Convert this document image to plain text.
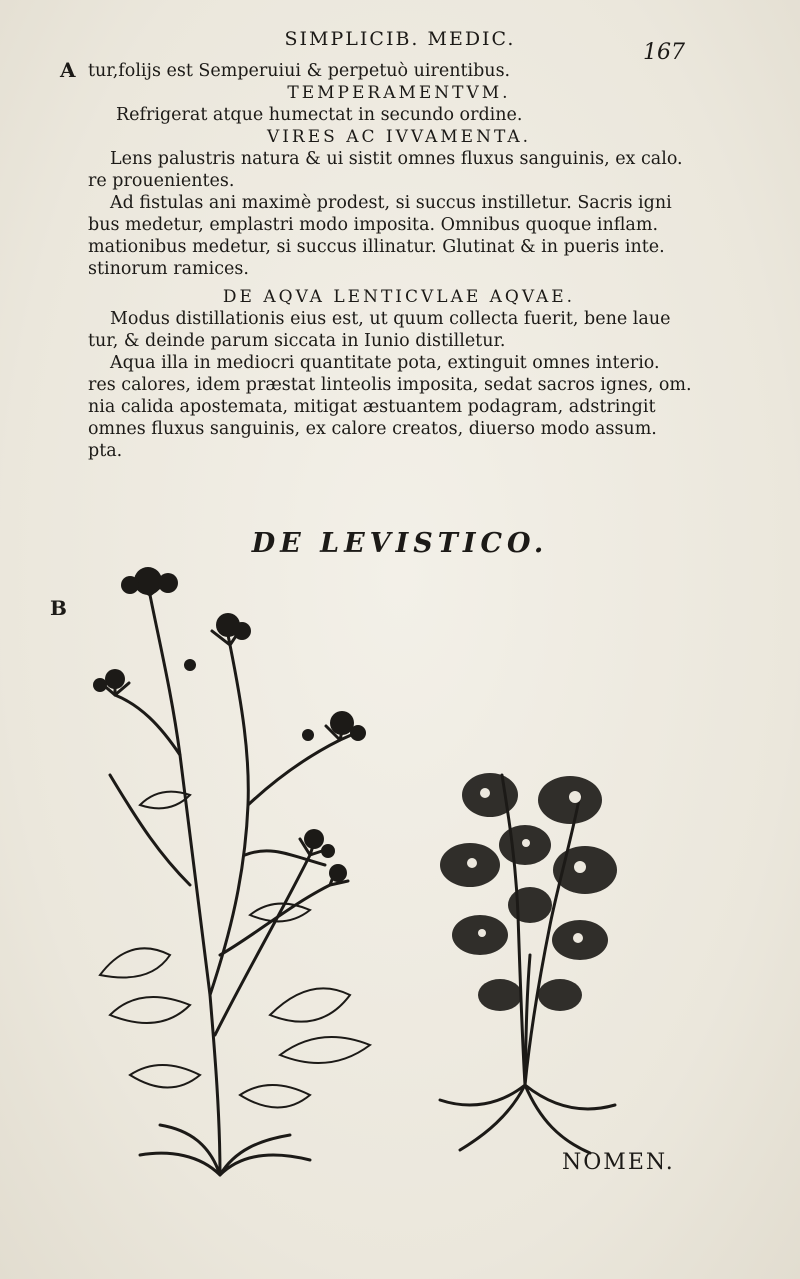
SIMPLICIB. MEDIC.
167
A
B

tur,folijs est Semperuiui & perpetuò uirentibus.

TEMPERAMENTVM.

Refrigerat atque humectat in secundo ordine.

VIRES AC IVVAMENTA.

Lens palustris natura & ui sistit omnes fluxus sanguinis, ex calo.

re prouenientes.

Ad fistulas ani maximè prodest, si succus instilletur. Sacris igni

bus medetur, emplastri modo imposita. Omnibus quoque inflam.

mationibus medetur, si succus illinatur. Glutinat & in pueris inte.

stinorum ramices.

DE AQVA LENTICVLAE AQVAE.

Modus distillationis eius est, ut quum collecta fuerit, bene laue

tur, & deinde parum siccata in Iunio distilletur.

Aqua illa in mediocri quantitate pota, extinguit omnes interio.

res calores, idem præstat linteolis imposita, sedat sacros ignes, om.

nia calida apostemata, mitigat æstuantem podagram, adstringit

omnes fluxus sanguinis, ex calore creatos, diuerso modo assum.

pta.

DE LEVISTICO.
NOMEN.
